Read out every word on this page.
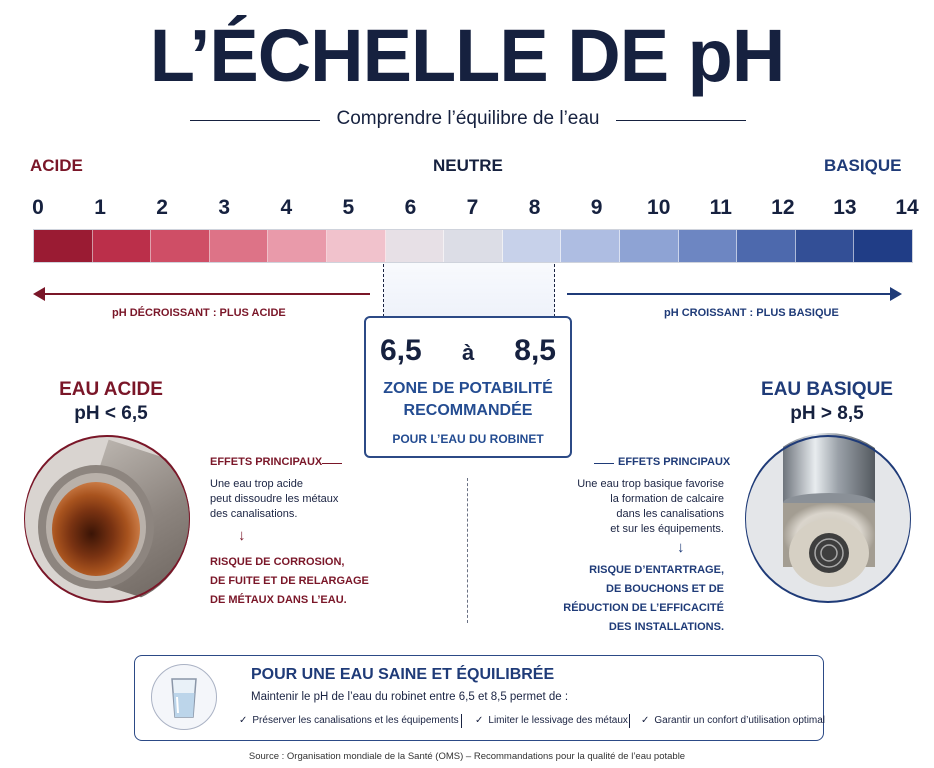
L’ÉCHELLE DE pH
Comprendre l’équilibre de l’eau
ACIDE	NEUTRE	BASIQUE
0	1	2	3	4	5	6	7	8	9	10 11 12 13 14
pH DÉCROISSANT : PLUS ACIDE	pH CROISSANT : PLUS BASIQUE
6,5 à 8,5
ZONE DE POTABILITÉ
RECOMMANDÉE
POUR L’EAU DU ROBINET
EAU ACIDE
pH < 6,5
EFFETS PRINCIPAUX
Une eau trop acide
peut dissoudre les métaux
des canalisations.
↓
RISQUE DE CORROSION,
DE FUITE ET DE RELARGAGE
DE MÉTAUX DANS L’EAU.
EAU BASIQUE
pH > 8,5
EFFETS PRINCIPAUX
Une eau trop basique favorise
la formation de calcaire
dans les canalisations
et sur les équipements.
↓
RISQUE D’ENTARTRAGE,
DE BOUCHONS ET DE
RÉDUCTION DE L’EFFICACITÉ
DES INSTALLATIONS.
POUR UNE EAU SAINE ET ÉQUILIBRÉE
Maintenir le pH de l’eau du robinet entre 6,5 et 8,5 permet de :
✓ Préserver les canalisations et les équipements ✓ Limiter le lessivage des métaux ✓ Garantir un confort d’utilisation optimal
Source : Organisation mondiale de la Santé (OMS) – Recommandations pour la qualité de l’eau potable
